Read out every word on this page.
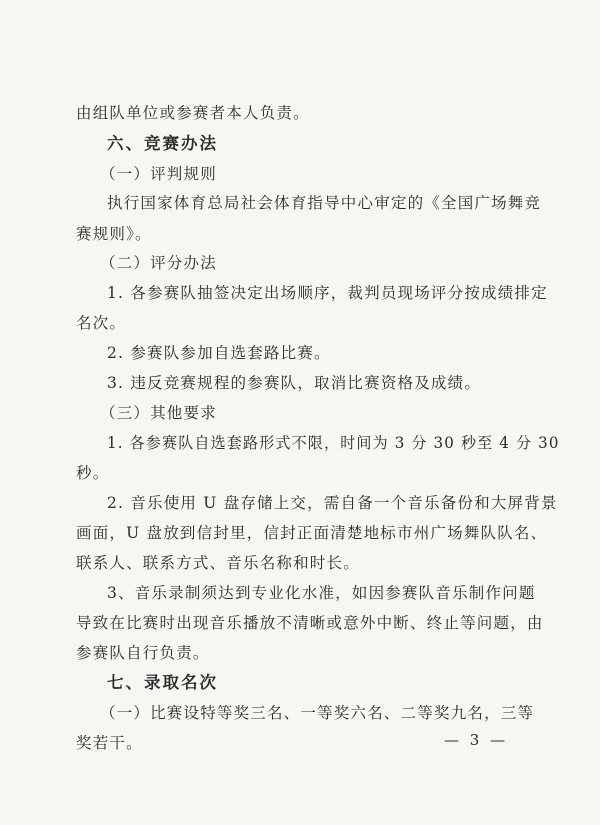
由组队单位或参赛者本人负责。
六、竞赛办法
（一）评判规则
执行国家体育总局社会体育指导中心审定的《全国广场舞竞
赛规则》。
（二）评分办法
1. 各参赛队抽签决定出场顺序，裁判员现场评分按成绩排定
名次。
2. 参赛队参加自选套路比赛。
3. 违反竞赛规程的参赛队，取消比赛资格及成绩。
（三）其他要求
1. 各参赛队自选套路形式不限，时间为 3 分 30 秒至 4 分 30
秒。
2. 音乐使用 U 盘存储上交，需自备一个音乐备份和大屏背景
画面，U 盘放到信封里，信封正面清楚地标市州广场舞队队名、
联系人、联系方式、音乐名称和时长。
3、音乐录制须达到专业化水准，如因参赛队音乐制作问题
导致在比赛时出现音乐播放不清晰或意外中断、终止等问题，由
参赛队自行负责。
七、录取名次
（一）比赛设特等奖三名、一等奖六名、二等奖九名，三等
奖若干。	— 3 —
